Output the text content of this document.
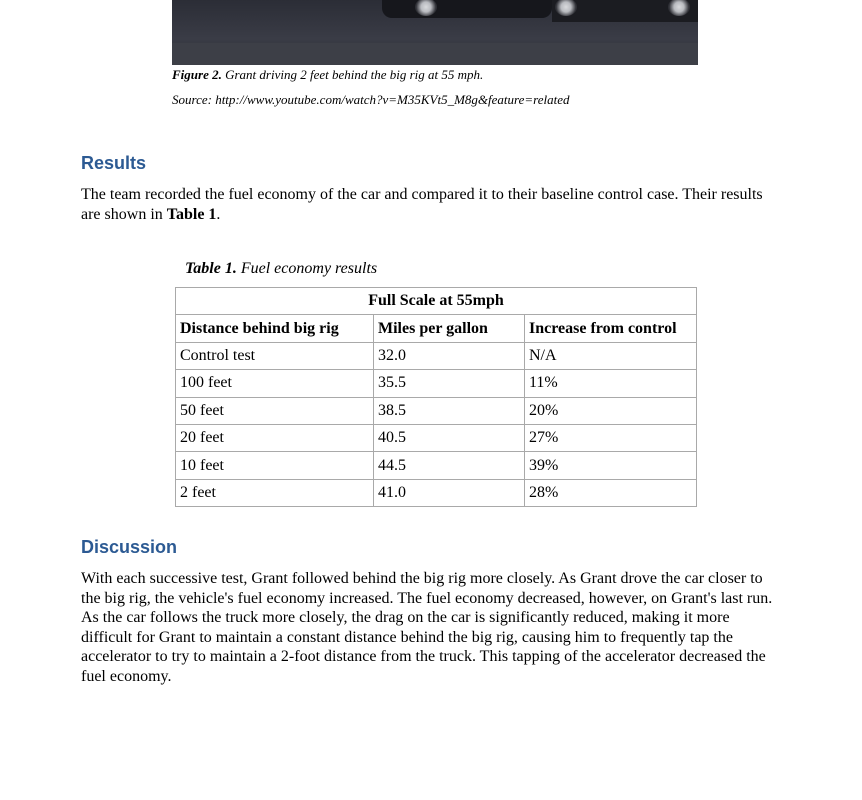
Figure 2. Grant driving 2 feet behind the big rig at 55 mph.
Source: http://www.youtube.com/watch?v=M35KVt5_M8g&feature=related
Results
The team recorded the fuel economy of the car and compared it to their baseline control case. Their results are shown in Table 1.
Table 1. Fuel economy results
Full Scale at 55mph		
Distance behind big rig	Miles per gallon	Increase from control
Control test	32.0	N/A
100 feet	35.5	11%
50 feet	38.5	20%
20 feet	40.5	27%
10 feet	44.5	39%
2 feet	41.0	28%
Discussion
With each successive test, Grant followed behind the big rig more closely. As Grant drove the car closer to the big rig, the vehicle's fuel economy increased. The fuel economy decreased, however, on Grant's last run. As the car follows the truck more closely, the drag on the car is significantly reduced, making it more difficult for Grant to maintain a constant distance behind the big rig, causing him to frequently tap the accelerator to try to maintain a 2-foot distance from the truck. This tapping of the accelerator decreased the fuel economy.
